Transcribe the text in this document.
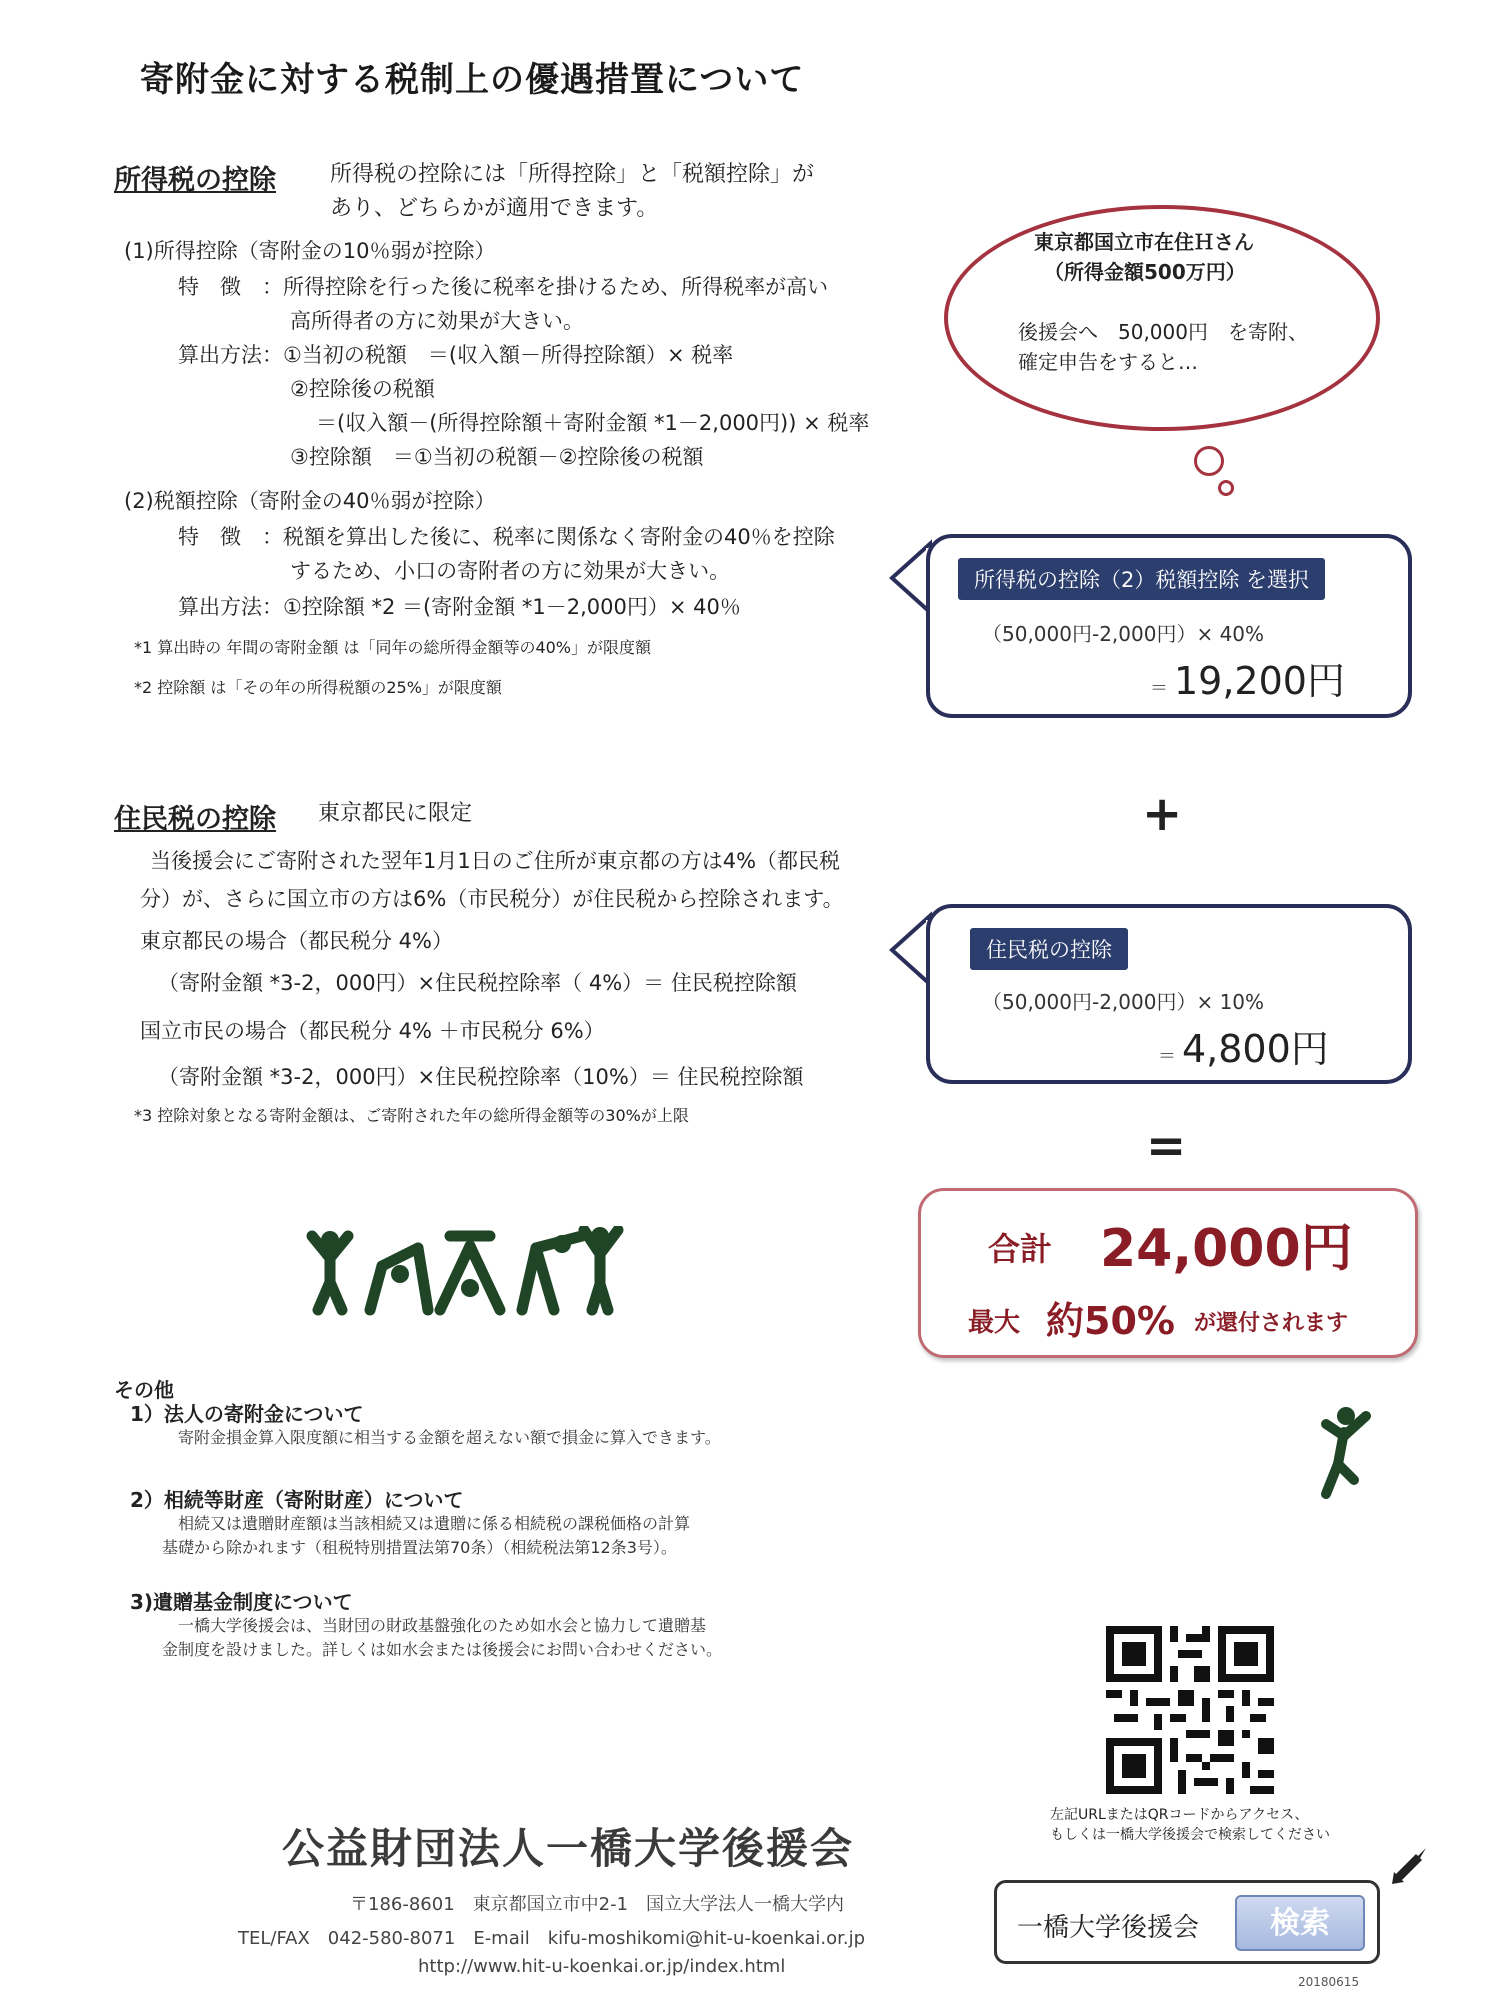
寄附金に対する税制上の優遇措置について
所得税の控除 所得税の控除には「所得控除」と「税額控除」が
あり、どちらかが適用できます。
(1)所得控除（寄附金の10％弱が控除）
特　徴　：所得控除を行った後に税率を掛けるため、所得税率が高い
高所得者の方に効果が大きい。
算出方法：①当初の税額　＝(収入額－所得控除額）× 税率
②控除後の税額
＝(収入額－(所得控除額＋寄附金額 *1－2,000円)) × 税率
③控除額　＝①当初の税額－②控除後の税額
(2)税額控除（寄附金の40％弱が控除）
特　徴　：税額を算出した後に、税率に関係なく寄附金の40％を控除
するため、小口の寄附者の方に効果が大きい。
算出方法：①控除額 *2 ＝(寄附金額 *1－2,000円）× 40％
*1 算出時の 年間の寄附金額 は「同年の総所得金額等の40%」が限度額
*2 控除額 は「その年の所得税額の25%」が限度額
住民税の控除 東京都民に限定
当後援会にご寄附された翌年1月1日のご住所が東京都の方は4%（都民税
分）が、さらに国立市の方は6%（市民税分）が住民税から控除されます。
東京都民の場合（都民税分 4%）
（寄附金額 *3-2，000円）×住民税控除率（ 4%）＝ 住民税控除額
国立市民の場合（都民税分 4% ＋市民税分 6%）
（寄附金額 *3-2，000円）×住民税控除率（10%）＝ 住民税控除額
*3 控除対象となる寄附金額は、ご寄附された年の総所得金額等の30%が上限
東京都国立市在住Ｈさん
（所得金額500万円）
後援会へ　50,000円　を寄附、
確定申告をすると…
所得税の控除（2）税額控除 を選択
（50,000円-2,000円）× 40%
＝ 19,200円
+
住民税の控除
（50,000円-2,000円）× 10%
＝ 4,800円
=
合計 24,000円
最大 約50% が還付されます
その他
1）法人の寄附金について
寄附金損金算入限度額に相当する金額を超えない額で損金に算入できます。
2）相続等財産（寄附財産）について
相続又は遺贈財産額は当該相続又は遺贈に係る相続税の課税価格の計算
基礎から除かれます（租税特別措置法第70条）（相続税法第12条3号）。
3)遺贈基金制度について
一橋大学後援会は、当財団の財政基盤強化のため如水会と協力して遺贈基
金制度を設けました。詳しくは如水会または後援会にお問い合わせください。
左記URLまたはQRコードからアクセス、
もしくは一橋大学後援会で検索してください
公益財団法人一橋大学後援会
〒186-8601　東京都国立市中2-1　国立大学法人一橋大学内
TEL/FAX　042-580-8071　E-mail　kifu-moshikomi@hit-u-koenkai.or.jp
http://www.hit-u-koenkai.or.jp/index.html
一橋大学後援会	検索
20180615
